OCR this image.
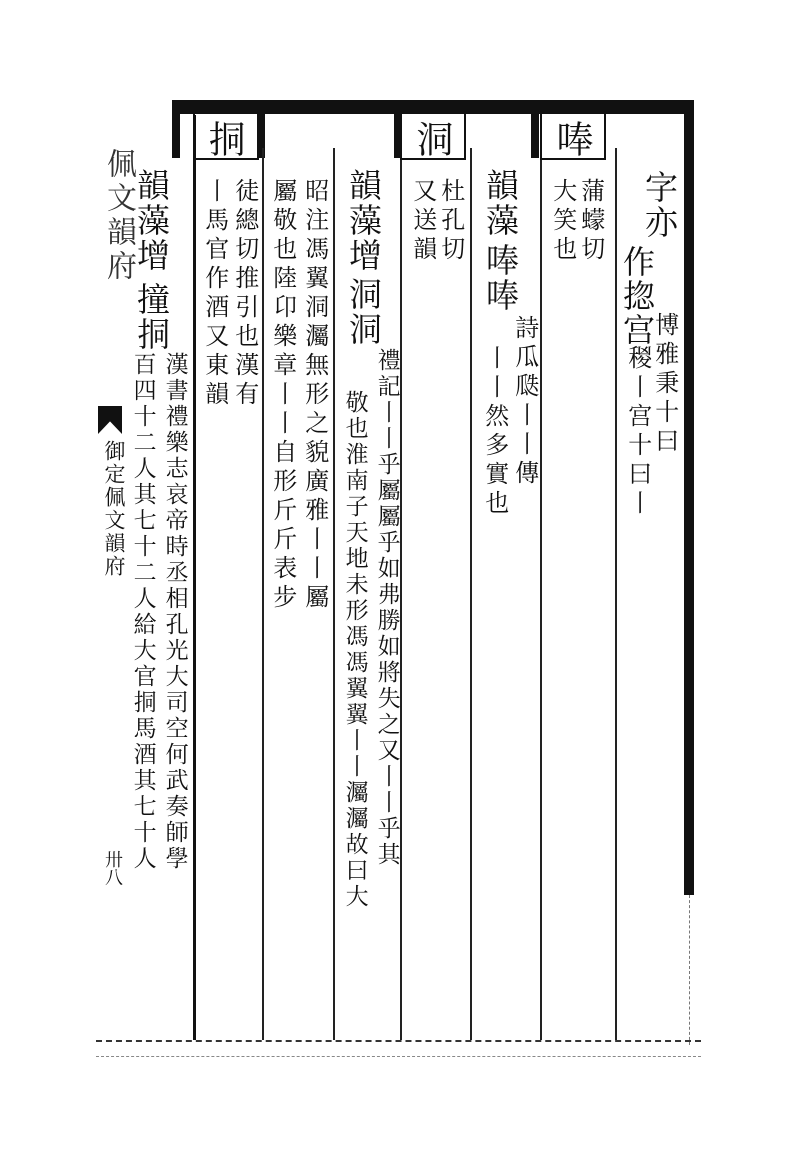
佩文韻府
御定佩文韻府
卅八
字亦
作㧾宫
稯丨宫十曰丨 博雅秉十曰
唪
蒲蠓切
大笑也
韻藻
唪唪
詩瓜瓞丨丨傳
丨丨然多實也
洞
杜孔切
又送韻
韻藻增
洞洞
禮記丨丨乎屬屬乎如弗勝如將失之又丨丨乎其
敬也淮南子天地未形馮馮翼翼丨丨灟灟故曰大
昭注馮翼洞灟無形之貌廣雅丨丨屬
屬敬也陸卬樂章丨丨自形斤斤表步
挏
徒總切推引也漢有
丨馬官作酒又東韻
韻藻增
撞挏
漢書禮樂志哀帝時丞相孔光大司空何武奏師學
百四十二人其七十二人給大官挏馬酒其七十人
